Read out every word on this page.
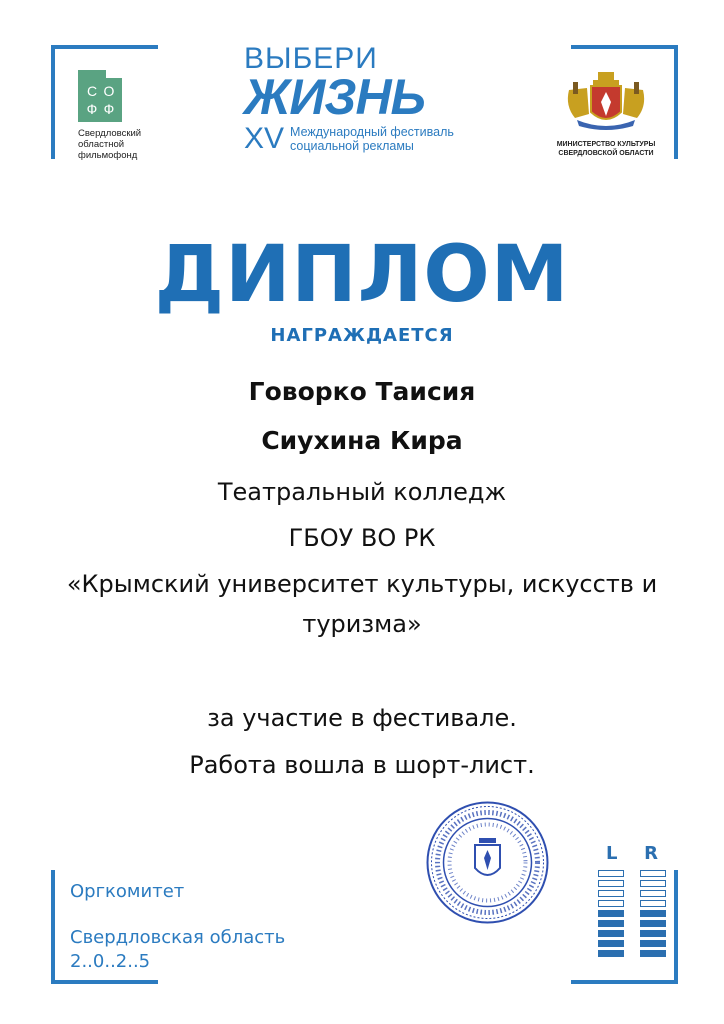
С О
Ф Ф
Свердловский
областной
фильмофонд
ВЫБЕРИ
ЖИЗНЬ
XV Международный фестиваль
социальной рекламы	МИНИСТЕРСТВО КУЛЬТУРЫ
СВЕРДЛОВСКОЙ ОБЛАСТИ
ДИПЛОМ
НАГРАЖДАЕТСЯ
Говорко Таисия
Сиухина Кира
Театральный колледж
ГБОУ ВО РК
«Крымский университет культуры, искусств и
туризма»
за участие в фестивале.
Работа вошла в шорт-лист.
Оргкомитет
Свердловская область
2..0..2..5
L R
